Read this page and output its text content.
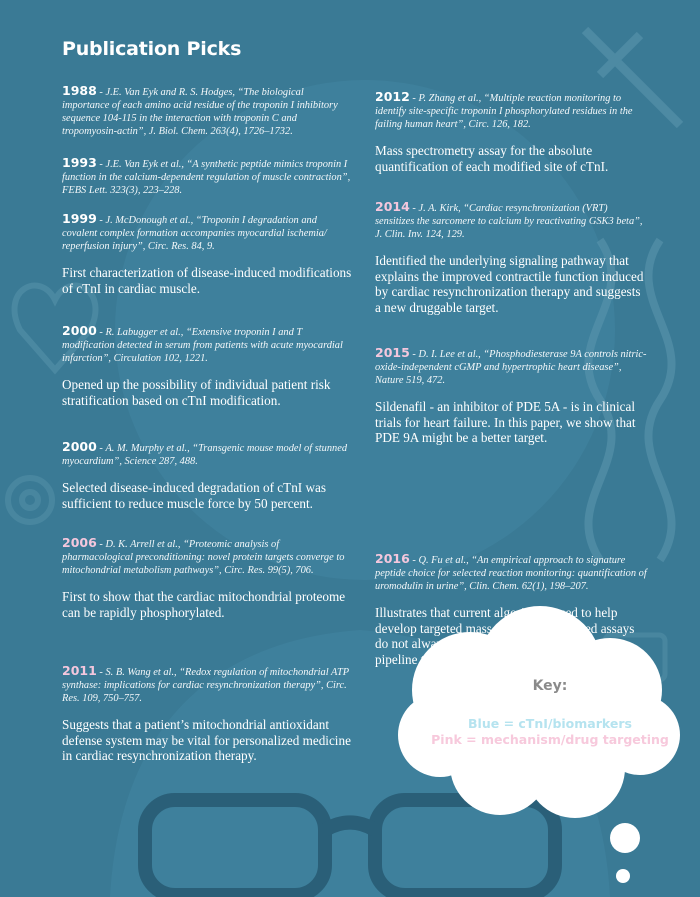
Publication Picks
1988 - J.E. Van Eyk and R. S. Hodges, “The biological importance of each amino acid residue of the troponin I inhibitory sequence 104-115 in the interaction with troponin C and tropomyosin-actin”, J. Biol. Chem. 263(4), 1726–1732.
1993 - J.E. Van Eyk et al., “A synthetic peptide mimics troponin I function in the calcium-dependent regulation of muscle contraction”, FEBS Lett. 323(3), 223–228.
1999 - J. McDonough et al., “Troponin I degradation and covalent complex formation accompanies myocardial ischemia/ reperfusion injury”, Circ. Res. 84, 9.
First characterization of disease-induced modifications of cTnI in cardiac muscle.
2000 - R. Labugger et al., “Extensive troponin I and T modification detected in serum from patients with acute myocardial infarction”, Circulation 102, 1221.
Opened up the possibility of individual patient risk stratification based on cTnI modification.
2000 - A. M. Murphy et al., “Transgenic mouse model of stunned myocardium”, Science 287, 488.
Selected disease-induced degradation of cTnI was sufficient to reduce muscle force by 50 percent.
2006 - D. K. Arrell et al., “Proteomic analysis of pharmacological preconditioning: novel protein targets converge to mitochondrial metabolism pathways”, Circ. Res. 99(5), 706.
First to show that the cardiac mitochondrial proteome can be rapidly phosphorylated.
2011 - S. B. Wang et al., “Redox regulation of mitochondrial ATP synthase: implications for cardiac resynchronization therapy”, Circ. Res. 109, 750–757.
Suggests that a patient’s mitochondrial antioxidant defense system may be vital for personalized medicine in cardiac resynchronization therapy.
2012 - P. Zhang et al., “Multiple reaction monitoring to identify site-specific troponin I phosphorylated residues in the failing human heart”, Circ. 126, 182.
Mass spectrometry assay for the absolute quantification of each modified site of cTnI.
2014 - J. A. Kirk, “Cardiac resynchronization (VRT) sensitizes the sarcomere to calcium by reactivating GSK3 beta”, J. Clin. Inv. 124, 129.
Identified the underlying signaling pathway that explains the improved contractile function induced by cardiac resynchronization therapy and suggests a new druggable target.
2015 - D. I. Lee et al., “Phosphodiesterase 9A controls nitric-oxide-independent cGMP and hypertrophic heart disease”, Nature 519, 472.
Sildenafil - an inhibitor of PDE 5A - is in clinical trials for heart failure. In this paper, we show that PDE 9A might be a better target.
2016 - Q. Fu et al., “An empirical approach to signature peptide choice for selected reaction monitoring: quantification of uromodulin in urine”, Clin. Chem. 62(1), 198–207.
Illustrates that current algorithms used to help develop targeted mass spectrometry based assays do not always work and provides an empirical pipeline to increase success rates.
Key:
Blue = cTnI/biomarkers
Pink = mechanism/drug targeting
